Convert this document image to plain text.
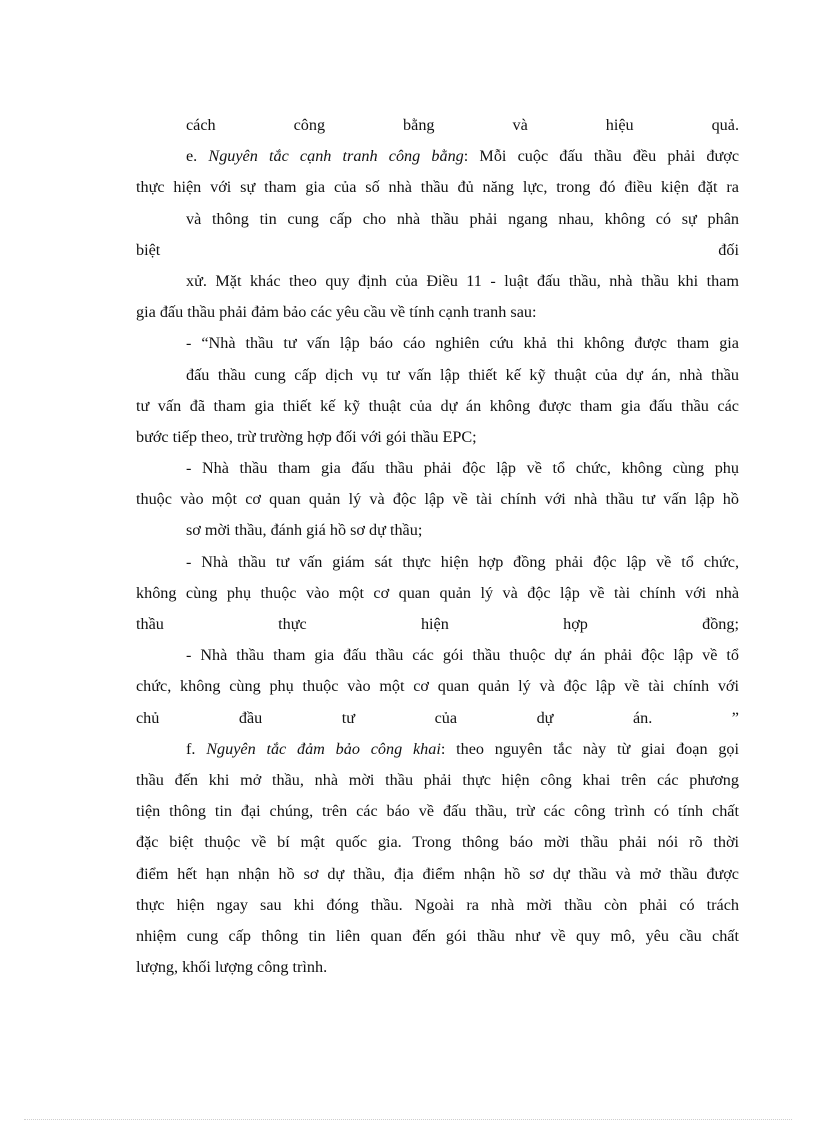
cách công bằng và hiệu quả.
e. Nguyên tắc cạnh tranh công bằng: Mỗi cuộc đấu thầu đều phải được
thực hiện với sự tham gia của số nhà thầu đủ năng lực, trong đó điều kiện đặt ra
và thông tin cung cấp cho nhà thầu phải ngang nhau, không có sự phân
biệt đối
xử. Mặt khác theo quy định của Điều 11 - luật đấu thầu, nhà thầu khi tham
gia đấu thầu phải đảm bảo các yêu cầu về tính cạnh tranh sau:
- “Nhà thầu tư vấn lập báo cáo nghiên cứu khả thi không được tham gia
đấu thầu cung cấp dịch vụ tư vấn lập thiết kế kỹ thuật của dự án, nhà thầu
tư vấn đã tham gia thiết kế kỹ thuật của dự án không được tham gia đấu thầu các
bước tiếp theo, trừ trường hợp đối với gói thầu EPC;
- Nhà thầu tham gia đấu thầu phải độc lập về tổ chức, không cùng phụ
thuộc vào một cơ quan quản lý và độc lập về tài chính với nhà thầu tư vấn lập hồ
sơ mời thầu, đánh giá hồ sơ dự thầu;
- Nhà thầu tư vấn giám sát thực hiện hợp đồng phải độc lập về tổ chức,
không cùng phụ thuộc vào một cơ quan quản lý và độc lập về tài chính với nhà
thầu thực hiện hợp đồng;
- Nhà thầu tham gia đấu thầu các gói thầu thuộc dự án phải độc lập về tổ
chức, không cùng phụ thuộc vào một cơ quan quản lý và độc lập về tài chính với
chủ đầu tư của dự án. ”
f. Nguyên tắc đảm bảo công khai: theo nguyên tắc này từ giai đoạn gọi
thầu đến khi mở thầu, nhà mời thầu phải thực hiện công khai trên các phương
tiện thông tin đại chúng, trên các báo về đấu thầu, trừ các công trình có tính chất
đặc biệt thuộc về bí mật quốc gia. Trong thông báo mời thầu phải nói rõ thời
điểm hết hạn nhận hồ sơ dự thầu, địa điểm nhận hồ sơ dự thầu và mở thầu được
thực hiện ngay sau khi đóng thầu. Ngoài ra nhà mời thầu còn phải có trách
nhiệm cung cấp thông tin liên quan đến gói thầu như về quy mô, yêu cầu chất
lượng, khối lượng công trình.
